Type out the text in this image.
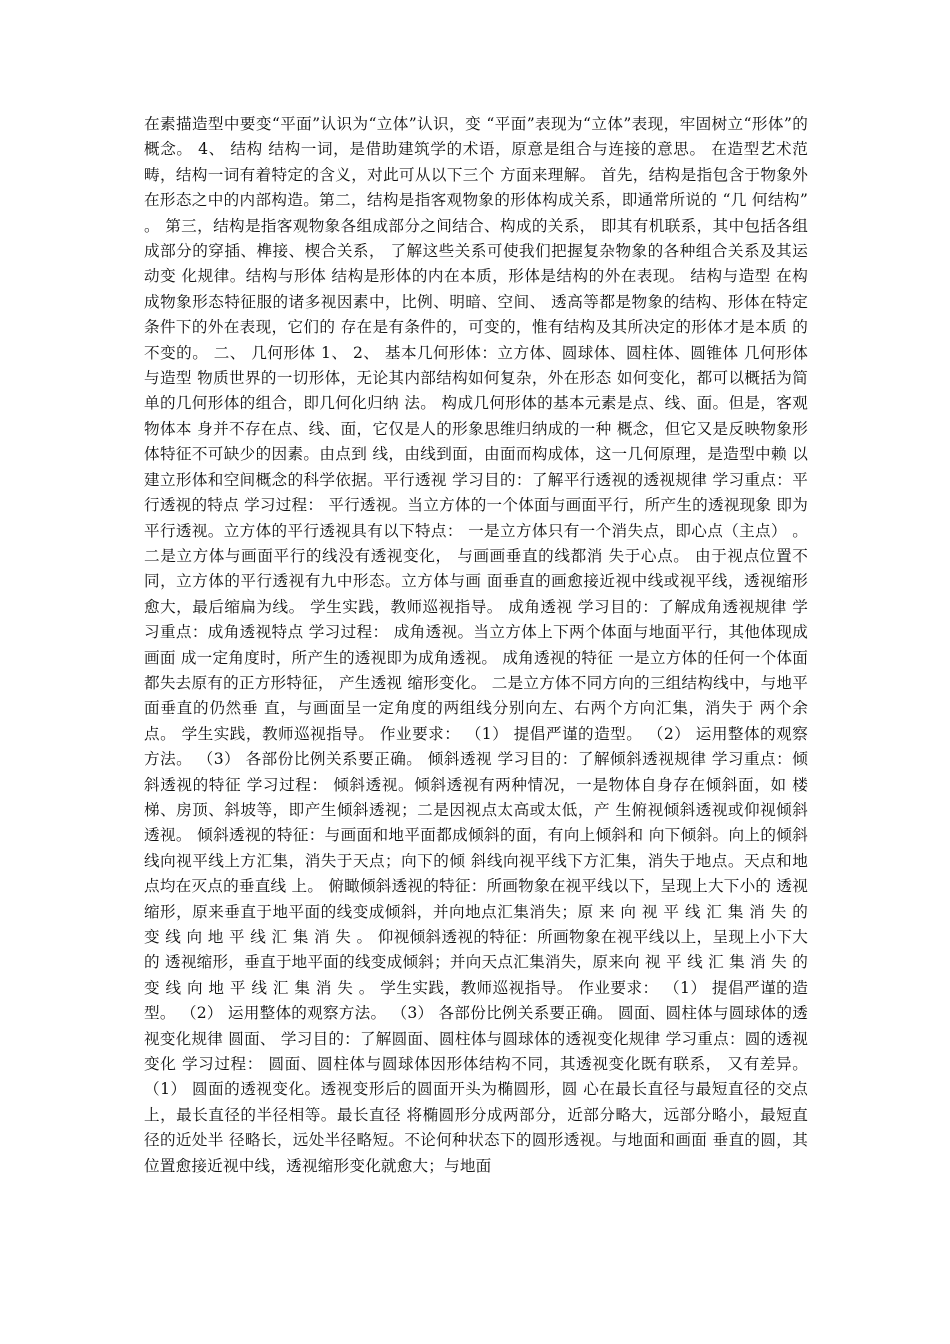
在素描造型中要变“平面”认识为“立体”认识，变 “平面”表现为“立体”表现，牢固树立“形体”的概念。 4、 结构 结构一词，是借助建筑学的术语，原意是组合与连接的意思。 在造型艺术范畴，结构一词有着特定的含义，对此可从以下三个 方面来理解。 首先，结构是指包含于物象外在形态之中的内部构造。第二，结构是指客观物象的形体构成关系，即通常所说的 “几 何结构” 。 第三，结构是指客观物象各组成部分之间结合、构成的关系， 即其有机联系，其中包括各组成部分的穿插、榫接、楔合关系， 了解这些关系可使我们把握复杂物象的各种组合关系及其运动变 化规律。结构与形体 结构是形体的内在本质，形体是结构的外在表现。 结构与造型 在构成物象形态特征服的诸多视因素中，比例、明暗、空间、 透高等都是物象的结构、形体在特定条件下的外在表现，它们的 存在是有条件的，可变的，惟有结构及其所决定的形体才是本质 的不变的。 二、 几何形体 1、 2、 基本几何形体：立方体、圆球体、圆柱体、圆锥体 几何形体与造型 物质世界的一切形体，无论其内部结构如何复杂，外在形态 如何变化，都可以概括为简单的几何形体的组合，即几何化归纳 法。 构成几何形体的基本元素是点、线、面。但是，客观物体本 身并不存在点、线、面，它仅是人的形象思维归纳成的一种 概念，但它又是反映物象形体特征不可缺少的因素。由点到 线，由线到面，由面而构成体，这一几何原理，是造型中赖 以建立形体和空间概念的科学依据。平行透视 学习目的：了解平行透视的透视规律 学习重点：平行透视的特点 学习过程： 平行透视。当立方体的一个体面与画面平行，所产生的透视现象 即为平行透视。立方体的平行透视具有以下特点： 一是立方体只有一个消失点，即心点（主点） 。 二是立方体与画面平行的线没有透视变化， 与画画垂直的线都消 失于心点。 由于视点位置不同，立方体的平行透视有九中形态。立方体与画 面垂直的画愈接近视中线或视平线，透视缩形愈大，最后缩扁为线。 学生实践，教师巡视指导。 成角透视 学习目的：了解成角透视规律 学习重点：成角透视特点 学习过程： 成角透视。当立方体上下两个体面与地面平行，其他体现成画面 成一定角度时，所产生的透视即为成角透视。 成角透视的特征 一是立方体的任何一个体面都失去原有的正方形特征， 产生透视 缩形变化。 二是立方体不同方向的三组结构线中，与地平面垂直的仍然垂 直，与画面呈一定角度的两组线分别向左、右两个方向汇集，消失于 两个余点。 学生实践，教师巡视指导。 作业要求： （1） 提倡严谨的造型。 （2） 运用整体的观察方法。 （3） 各部份比例关系要正确。 倾斜透视 学习目的：了解倾斜透视规律 学习重点：倾斜透视的特征 学习过程： 倾斜透视。倾斜透视有两种情况，一是物体自身存在倾斜面，如 楼梯、房顶、斜坡等，即产生倾斜透视；二是因视点太高或太低，产 生俯视倾斜透视或仰视倾斜透视。 倾斜透视的特征：与画面和地平面都成倾斜的面，有向上倾斜和 向下倾斜。向上的倾斜线向视平线上方汇集，消失于天点；向下的倾 斜线向视平线下方汇集，消失于地点。天点和地点均在灭点的垂直线 上。 俯瞰倾斜透视的特征：所画物象在视平线以下，呈现上大下小的 透视缩形，原来垂直于地平面的线变成倾斜，并向地点汇集消失；原 来 向 视 平 线 汇 集 消 失 的 变 线 向 地 平 线 汇 集 消 失 。 仰视倾斜透视的特征：所画物象在视平线以上，呈现上小下大的 透视缩形，垂直于地平面的线变成倾斜；并向天点汇集消失，原来向 视 平 线 汇 集 消 失 的 变 线 向 地 平 线 汇 集 消 失 。 学生实践，教师巡视指导。 作业要求： （1） 提倡严谨的造型。 （2） 运用整体的观察方法。 （3） 各部份比例关系要正确。 圆面、圆柱体与圆球体的透视变化规律 圆面、 学习目的：了解圆面、圆柱体与圆球体的透视变化规律 学习重点：圆的透视变化 学习过程： 圆面、圆柱体与圆球体因形体结构不同，其透视变化既有联系， 又有差异。 （1） 圆面的透视变化。透视变形后的圆面开头为椭圆形，圆 心在最长直径与最短直径的交点上，最长直径的半径相等。最长直径 将椭圆形分成两部分，近部分略大，远部分略小，最短直径的近处半 径略长，远处半径略短。不论何种状态下的圆形透视。与地面和画面 垂直的圆，其位置愈接近视中线，透视缩形变化就愈大；与地面
